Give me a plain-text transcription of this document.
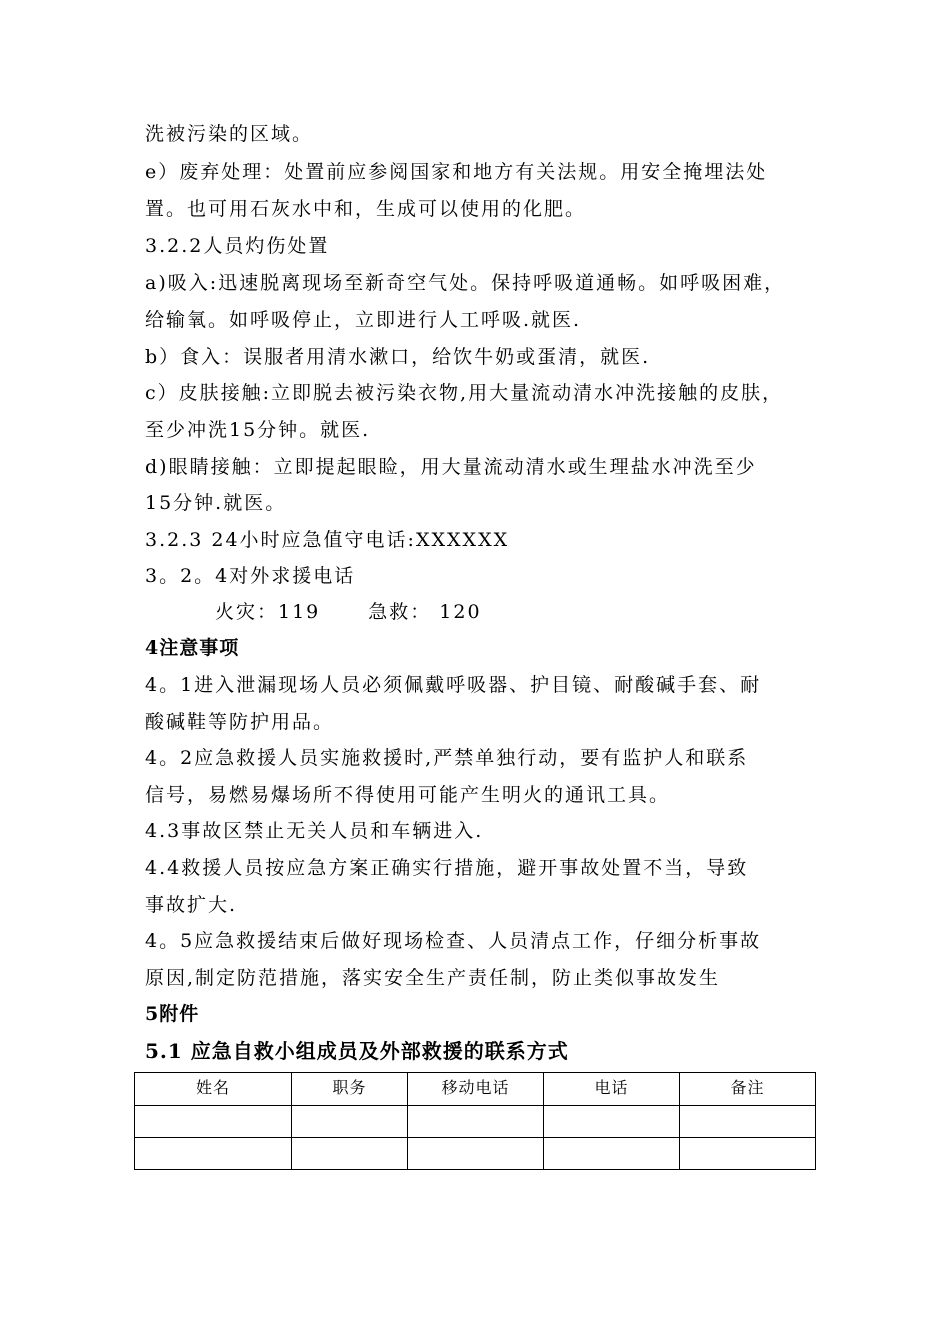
洗被污染的区域。
e）废弃处理：处置前应参阅国家和地方有关法规。用安全掩埋法处
置。也可用石灰水中和，生成可以使用的化肥。
3.2.2人员灼伤处置
a)吸入:迅速脱离现场至新奇空气处。保持呼吸道通畅。如呼吸困难，
给输氧。如呼吸停止，立即进行人工呼吸.就医.
b）食入：误服者用清水漱口，给饮牛奶或蛋清，就医.
c）皮肤接触:立即脱去被污染衣物,用大量流动清水冲洗接触的皮肤，
至少冲洗15分钟。就医.
d)眼睛接触：立即提起眼睑，用大量流动清水或生理盐水冲洗至少
15分钟.就医。
3.2.3 24小时应急值守电话:XXXXXX
3。2。4对外求援电话
火灾：119	急救： 120
4注意事项
4。1进入泄漏现场人员必须佩戴呼吸器、护目镜、耐酸碱手套、耐
酸碱鞋等防护用品。
4。2应急救援人员实施救援时,严禁单独行动，要有监护人和联系
信号，易燃易爆场所不得使用可能产生明火的通讯工具。
4.3事故区禁止无关人员和车辆进入.
4.4救援人员按应急方案正确实行措施，避开事故处置不当，导致
事故扩大.
4。5应急救援结束后做好现场检查、人员清点工作，仔细分析事故
原因,制定防范措施，落实安全生产责任制，防止类似事故发生
5附件
5.1 应急自救小组成员及外部救援的联系方式
姓名	职务	移动电话	电话	备注
